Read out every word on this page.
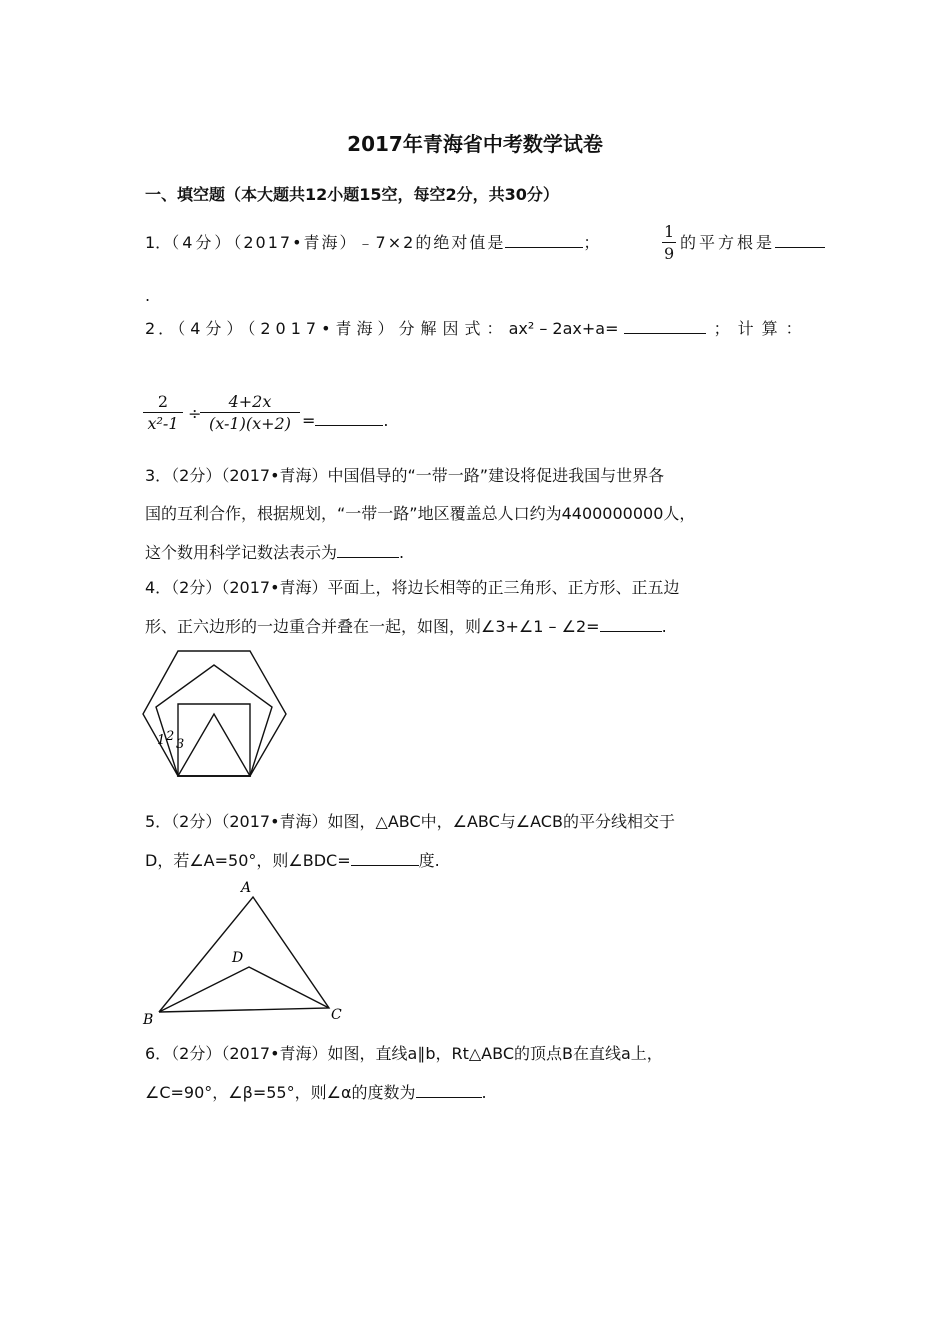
2017年青海省中考数学试卷
一、填空题（本大题共12小题15空，每空2分，共30分）
1．（4分）（2017•青海）﹣7×2的绝对值是	；	$\frac{1}{9}$ 的平方根是
.
2．（4分）（2017•青海）分解因式：ax² – 2ax+a=	； 计算：
$\frac{2}{\text{x²-1}}$ ÷
$\frac{4+2x}{(x-1)(x+2)}$ =	.
3．（2分）（2017•青海）中国倡导的“一带一路”建设将促进我国与世界各
国的互利合作，根据规划，“一带一路”地区覆盖总人口约为4400000000人，
这个数用科学记数法表示为	.
4．（2分）（2017•青海）平面上，将边长相等的正三角形、正方形、正五边
形、正六边形的一边重合并叠在一起，如图，则∠3+∠1 – ∠2=	.
1 2
3
5．（2分）（2017•青海）如图，△ABC中，∠ABC与∠ACB的平分线相交于
D，若∠A=50°，则∠BDC=	度.
A
D
B	C
6．（2分）（2017•青海）如图，直线a∥b，Rt△ABC的顶点B在直线a上，
∠C=90°，∠β=55°，则∠α的度数为	.
